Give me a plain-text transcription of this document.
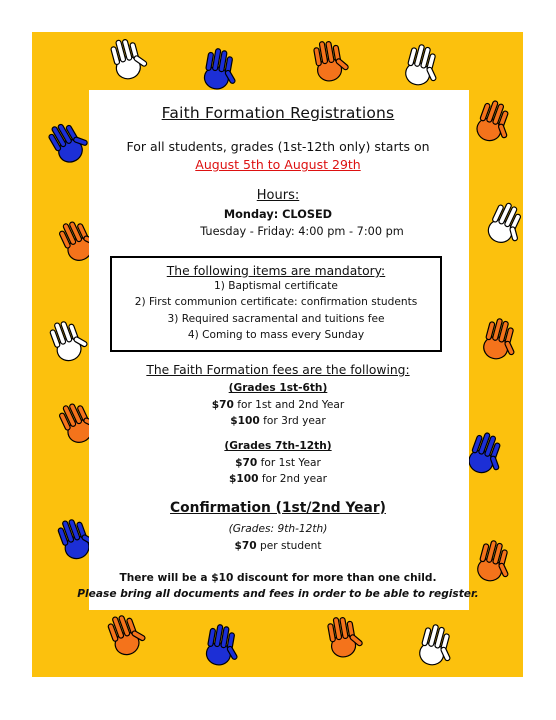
Faith Formation Registrations
For all students, grades (1st-12th only) starts on
August 5th to August 29th
Hours:
Monday: CLOSED
Tuesday - Friday: 4:00 pm - 7:00 pm
The following items are mandatory:
1) Baptismal certificate
2) First communion certificate: confirmation students
3) Required sacramental and tuitions fee
4) Coming to mass every Sunday
The Faith Formation fees are the following:
(Grades 1st-6th)
$70 for 1st and 2nd Year
$100 for 3rd year
(Grades 7th-12th)
$70 for 1st Year
$100 for 2nd year
Confirmation (1st/2nd Year)
(Grades: 9th-12th)
$70 per student
There will be a $10 discount for more than one child.
Please bring all documents and fees in order to be able to register.
